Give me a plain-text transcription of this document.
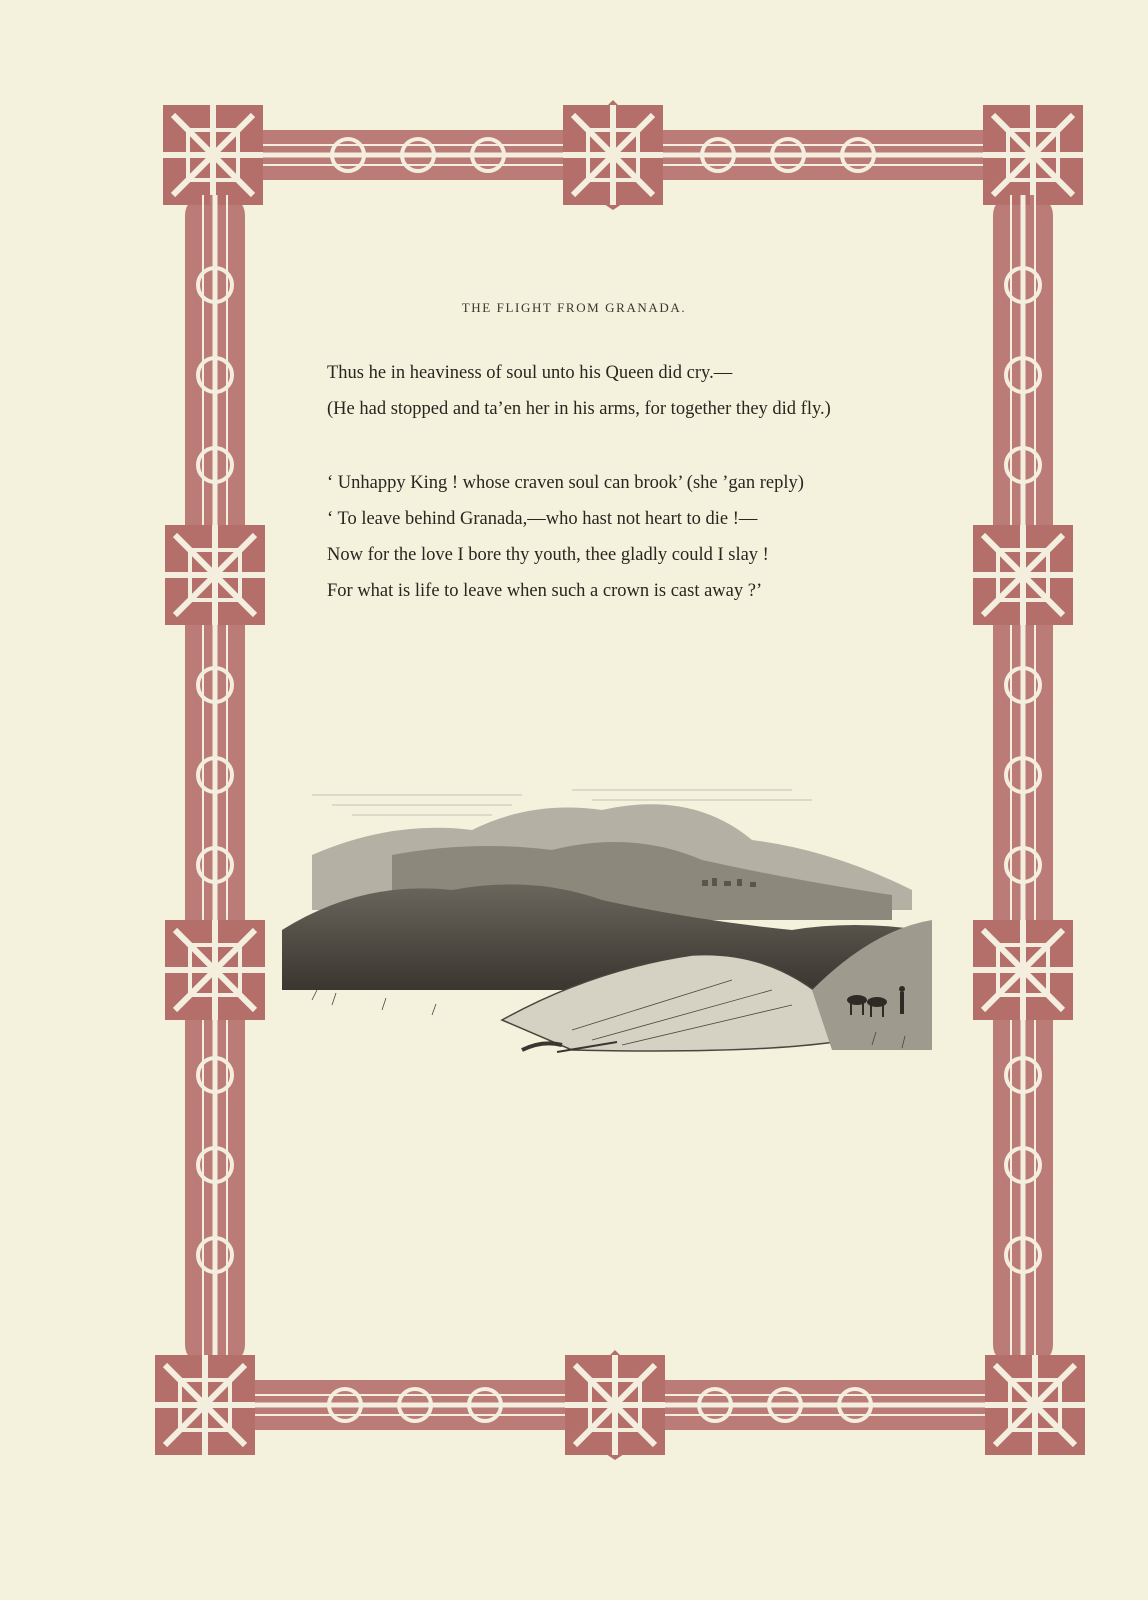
THE FLIGHT FROM GRANADA.

Thus he in heaviness of soul unto his Queen did cry.—

(He had stopped and ta’en her in his arms, for together they did fly.)

‘ Unhappy King ! whose craven soul can brook’ (she ’gan reply)

‘ To leave behind Granada,—who hast not heart to die !—

Now for the love I bore thy youth, thee gladly could I slay !

For what is life to leave when such a crown is cast away ?’
